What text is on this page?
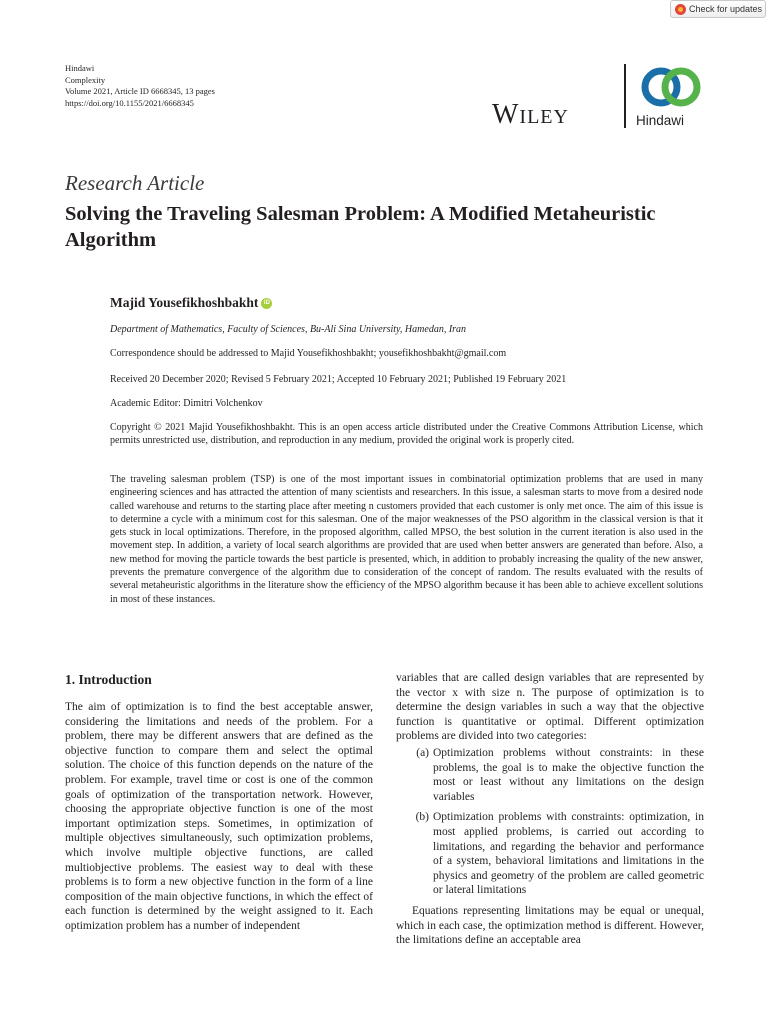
Check for updates
Hindawi
Complexity
Volume 2021, Article ID 6668345, 13 pages
https://doi.org/10.1155/2021/6668345	Wiley	Hindawi
Research Article
Solving the Traveling Salesman Problem: A Modified Metaheuristic Algorithm
Majid Yousefikhoshbakht iD
Department of Mathematics, Faculty of Sciences, Bu-Ali Sina University, Hamedan, Iran
Correspondence should be addressed to Majid Yousefikhoshbakht; yousefikhoshbakht@gmail.com
Received 20 December 2020; Revised 5 February 2021; Accepted 10 February 2021; Published 19 February 2021
Academic Editor: Dimitri Volchenkov
Copyright © 2021 Majid Yousefikhoshbakht. This is an open access article distributed under the Creative Commons Attribution License, which permits unrestricted use, distribution, and reproduction in any medium, provided the original work is properly cited.
The traveling salesman problem (TSP) is one of the most important issues in combinatorial optimization problems that are used in many engineering sciences and has attracted the attention of many scientists and researchers. In this issue, a salesman starts to move from a desired node called warehouse and returns to the starting place after meeting n customers provided that each customer is only met once. The aim of this issue is to determine a cycle with a minimum cost for this salesman. One of the major weaknesses of the PSO algorithm in the classical version is that it gets stuck in local optimizations. Therefore, in the proposed algorithm, called MPSO, the best solution in the current iteration is also used in the movement step. In addition, a variety of local search algorithms are provided that are used when better answers are generated than before. Also, a new method for moving the particle towards the best particle is presented, which, in addition to probably increasing the quality of the new answer, prevents the premature convergence of the algorithm due to consideration of the concept of random. The results evaluated with the results of several metaheuristic algorithms in the literature show the efficiency of the MPSO algorithm because it has been able to achieve excellent solutions in most of these instances.
1. Introduction

The aim of optimization is to find the best acceptable answer, considering the limitations and needs of the problem. For a problem, there may be different answers that are defined as the objective function to compare them and select the optimal solution. The choice of this function depends on the nature of the problem. For example, travel time or cost is one of the common goals of optimization of the transportation network. However, choosing the appropriate objective function is one of the most important optimization steps. Sometimes, in optimization of multiple objectives simultaneously, such optimization problems, which involve multiple objective functions, are called multiobjective problems. The easiest way to deal with these problems is to form a new objective function in the form of a line composition of the main objective functions, in which the effect of each function is determined by the weight assigned to it. Each optimization problem has a number of independent

variables that are called design variables that are represented by the vector x with size n. The purpose of optimization is to determine the design variables in such a way that the objective function is quantitative or optimal. Different optimization problems are divided into two categories:

(a) Optimization problems without constraints: in these problems, the goal is to make the objective function the most or least without any limitations on the design variables
(b) Optimization problems with constraints: optimization, in most applied problems, is carried out according to limitations, and regarding the behavior and performance of a system, behavioral limitations and limitations in the physics and geometry of the problem are called geometric or lateral limitations

Equations representing limitations may be equal or unequal, which in each case, the optimization method is different. However, the limitations define an acceptable area
